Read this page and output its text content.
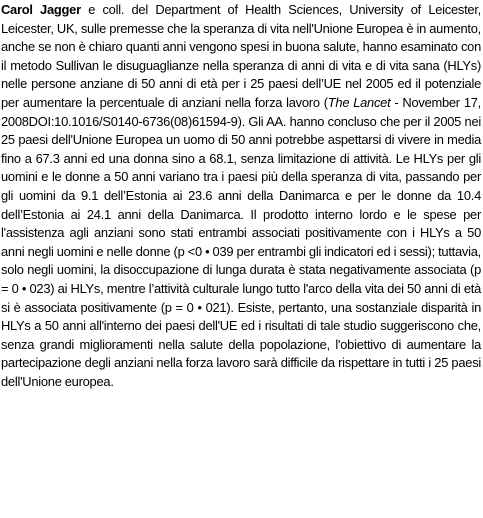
Carol Jagger e coll. del Department of Health Sciences, University of Leicester, Leicester, UK, sulle premesse che la speranza di vita nell'Unione Europea è in aumento, anche se non è chiaro quanti anni vengono spesi in buona salute, hanno esaminato con il metodo Sullivan le disuguaglianze nella speranza di anni di vita e di vita sana (HLYs) nelle persone anziane di 50 anni di età per i 25 paesi dell’UE nel 2005 ed il potenziale per aumentare la percentuale di anziani nella forza lavoro (The Lancet - November 17, 2008DOI:10.1016/S0140-6736(08)61594-9). Gli AA. hanno concluso che per il 2005 nei 25 paesi dell'Unione Europea un uomo di 50 anni potrebbe aspettarsi di vivere in media fino a 67.3 anni ed una donna sino a 68.1, senza limitazione di attività. Le HLYs per gli uomini e le donne a 50 anni variano tra i paesi più della speranza di vita, passando per gli uomini da 9.1 dell’Estonia ai 23.6 anni della Danimarca e per le donne da 10.4 dell’Estonia ai 24.1 anni della Danimarca. Il prodotto interno lordo e le spese per l'assistenza agli anziani sono stati entrambi associati positivamente con i HLYs a 50 anni negli uomini e nelle donne (p <0 • 039 per entrambi gli indicatori ed i sessi); tuttavia, solo negli uomini, la disoccupazione di lunga durata è stata negativamente associata (p = 0 • 023) ai HLYs, mentre l’attività culturale lungo tutto l'arco della vita dei 50 anni di età si è associata positivamente (p = 0 • 021). Esiste, pertanto, una sostanziale disparità in HLYs a 50 anni all'interno dei paesi dell'UE ed i risultati di tale studio suggeriscono che, senza grandi miglioramenti nella salute della popolazione, l'obiettivo di aumentare la partecipazione degli anziani nella forza lavoro sarà difficile da rispettare in tutti i 25 paesi dell'Unione europea.
